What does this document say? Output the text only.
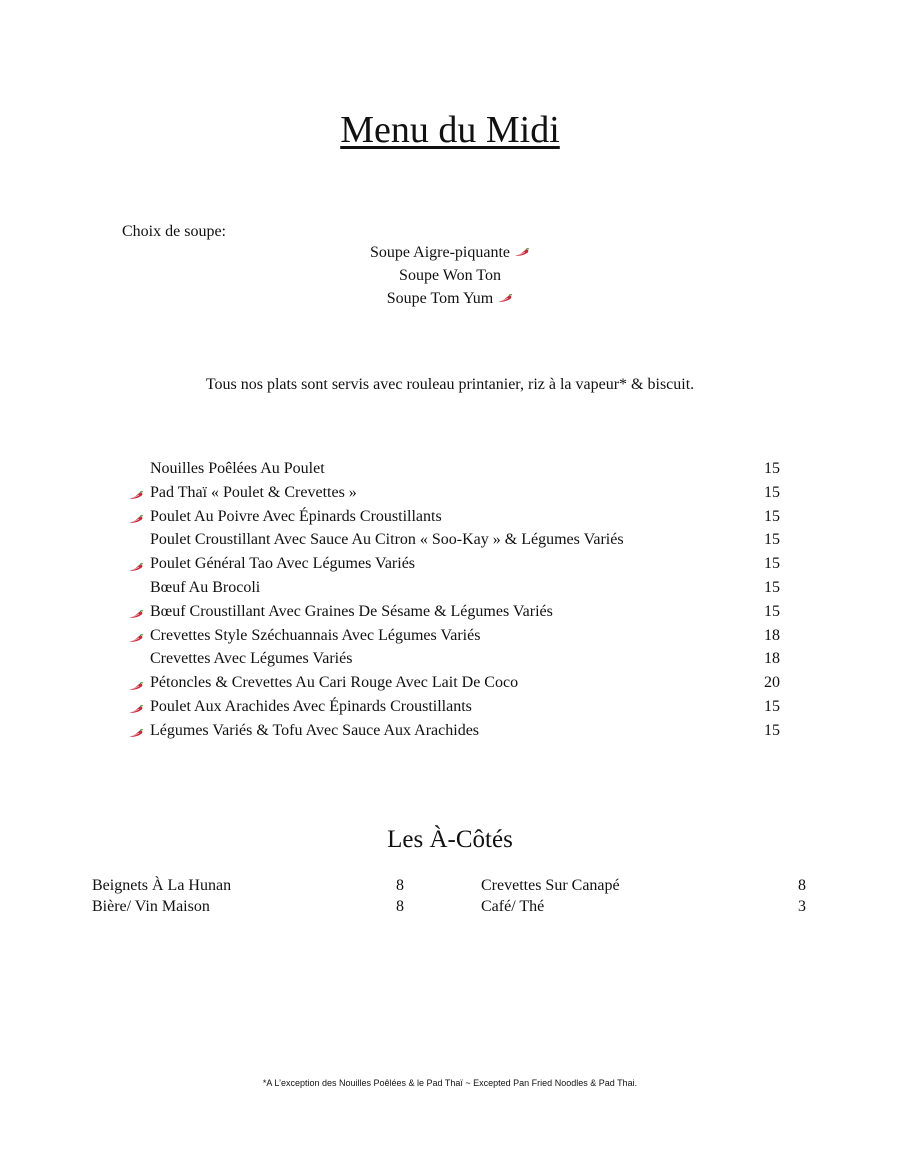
Menu du Midi
Choix de soupe:
Soupe Aigre-piquante
Soupe Won Ton
Soupe Tom Yum
Tous nos plats sont servis avec rouleau printanier, riz à la vapeur* & biscuit.
Nouilles Poêlées Au Poulet	15
Pad Thaï « Poulet & Crevettes »	15
Poulet Au Poivre Avec Épinards Croustillants	15
Poulet Croustillant Avec Sauce Au Citron « Soo-Kay » & Légumes Variés	15
Poulet Général Tao Avec Légumes Variés	15
Bœuf Au Brocoli	15
Bœuf Croustillant Avec Graines De Sésame & Légumes Variés	15
Crevettes Style Széchuannais Avec Légumes Variés	18
Crevettes Avec Légumes Variés	18
Pétoncles & Crevettes Au Cari Rouge Avec Lait De Coco	20
Poulet Aux Arachides Avec Épinards Croustillants	15
Légumes Variés & Tofu Avec Sauce Aux Arachides	15
Les À-Côtés
Beignets À La Hunan	8	Crevettes Sur Canapé	8
Bière/ Vin Maison	8	Café/ Thé	3
*A L’exception des Nouilles Poêlées & le Pad Thaï ~ Excepted Pan Fried Noodles & Pad Thai.
